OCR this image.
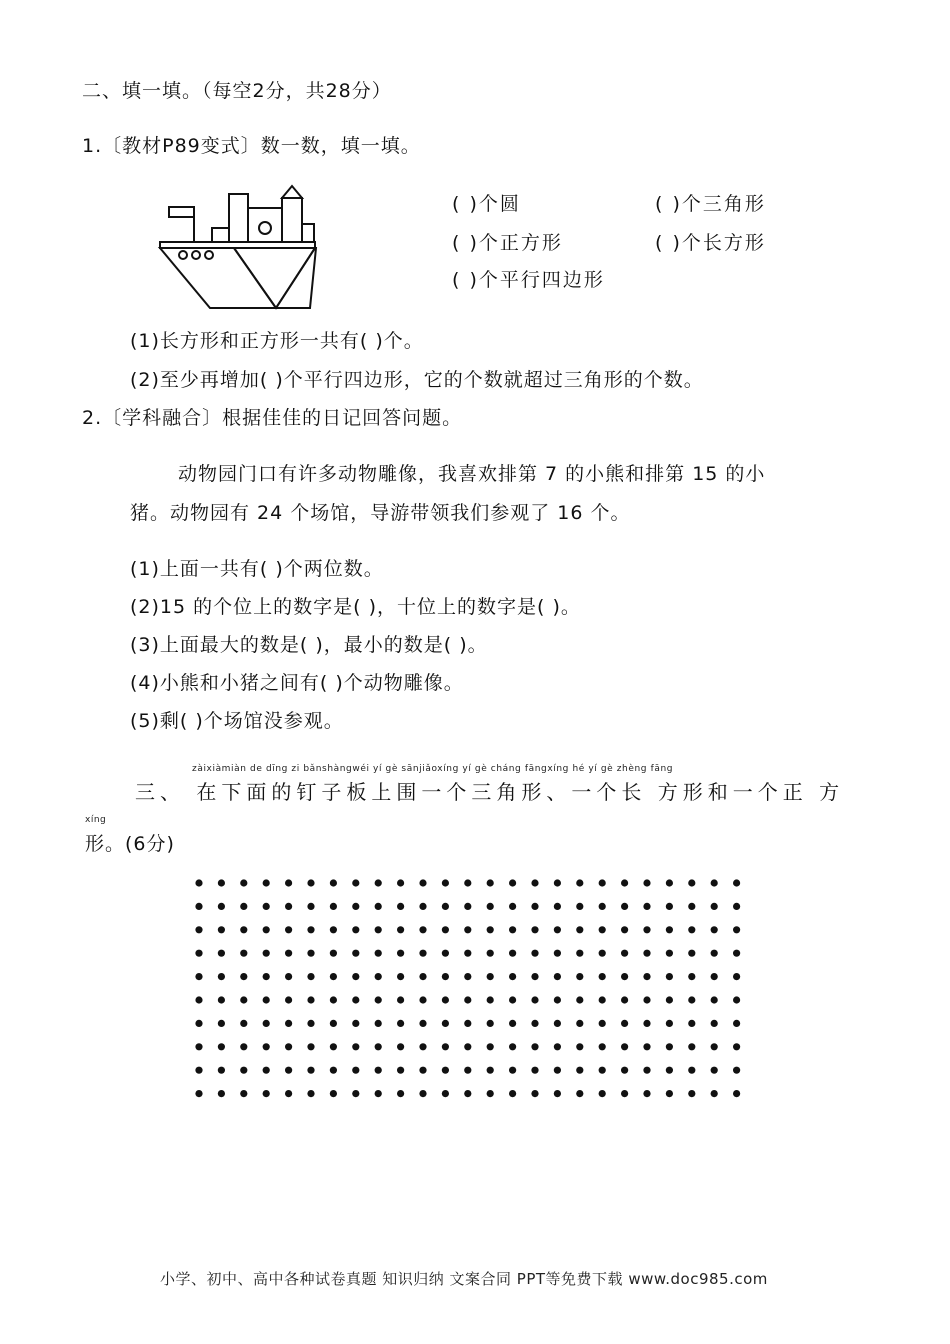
二、填一填。（每空2分，共28分）
1.〔教材P89变式〕数一数，填一填。
( )个圆	( )个三角形
( )个正方形	( )个长方形
( )个平行四边形
(1)长方形和正方形一共有( )个。
(2)至少再增加( )个平行四边形，它的个数就超过三角形的个数。
2.〔学科融合〕根据佳佳的日记回答问题。
动物园门口有许多动物雕像，我喜欢排第 7 的小熊和排第 15 的小
猪。动物园有 24 个场馆，导游带领我们参观了 16 个。
(1)上面一共有( )个两位数。
(2)15 的个位上的数字是( )，十位上的数字是( )。
(3)上面最大的数是( )，最小的数是( )。
(4)小熊和小猪之间有( )个动物雕像。
(5)剩( )个场馆没参观。
zàixiàmiàn de dīng zi bǎnshàngwéi yí gè sānjiǎoxíng yí gè cháng fāngxíng hé yí gè zhèng fāng
三、 在下面的钉子板上围一个三角形、一个长 方形和一个正 方
xíng
形。(6分)
小学、初中、高中各种试卷真题 知识归纳 文案合同 PPT等免费下载 www.doc985.com
